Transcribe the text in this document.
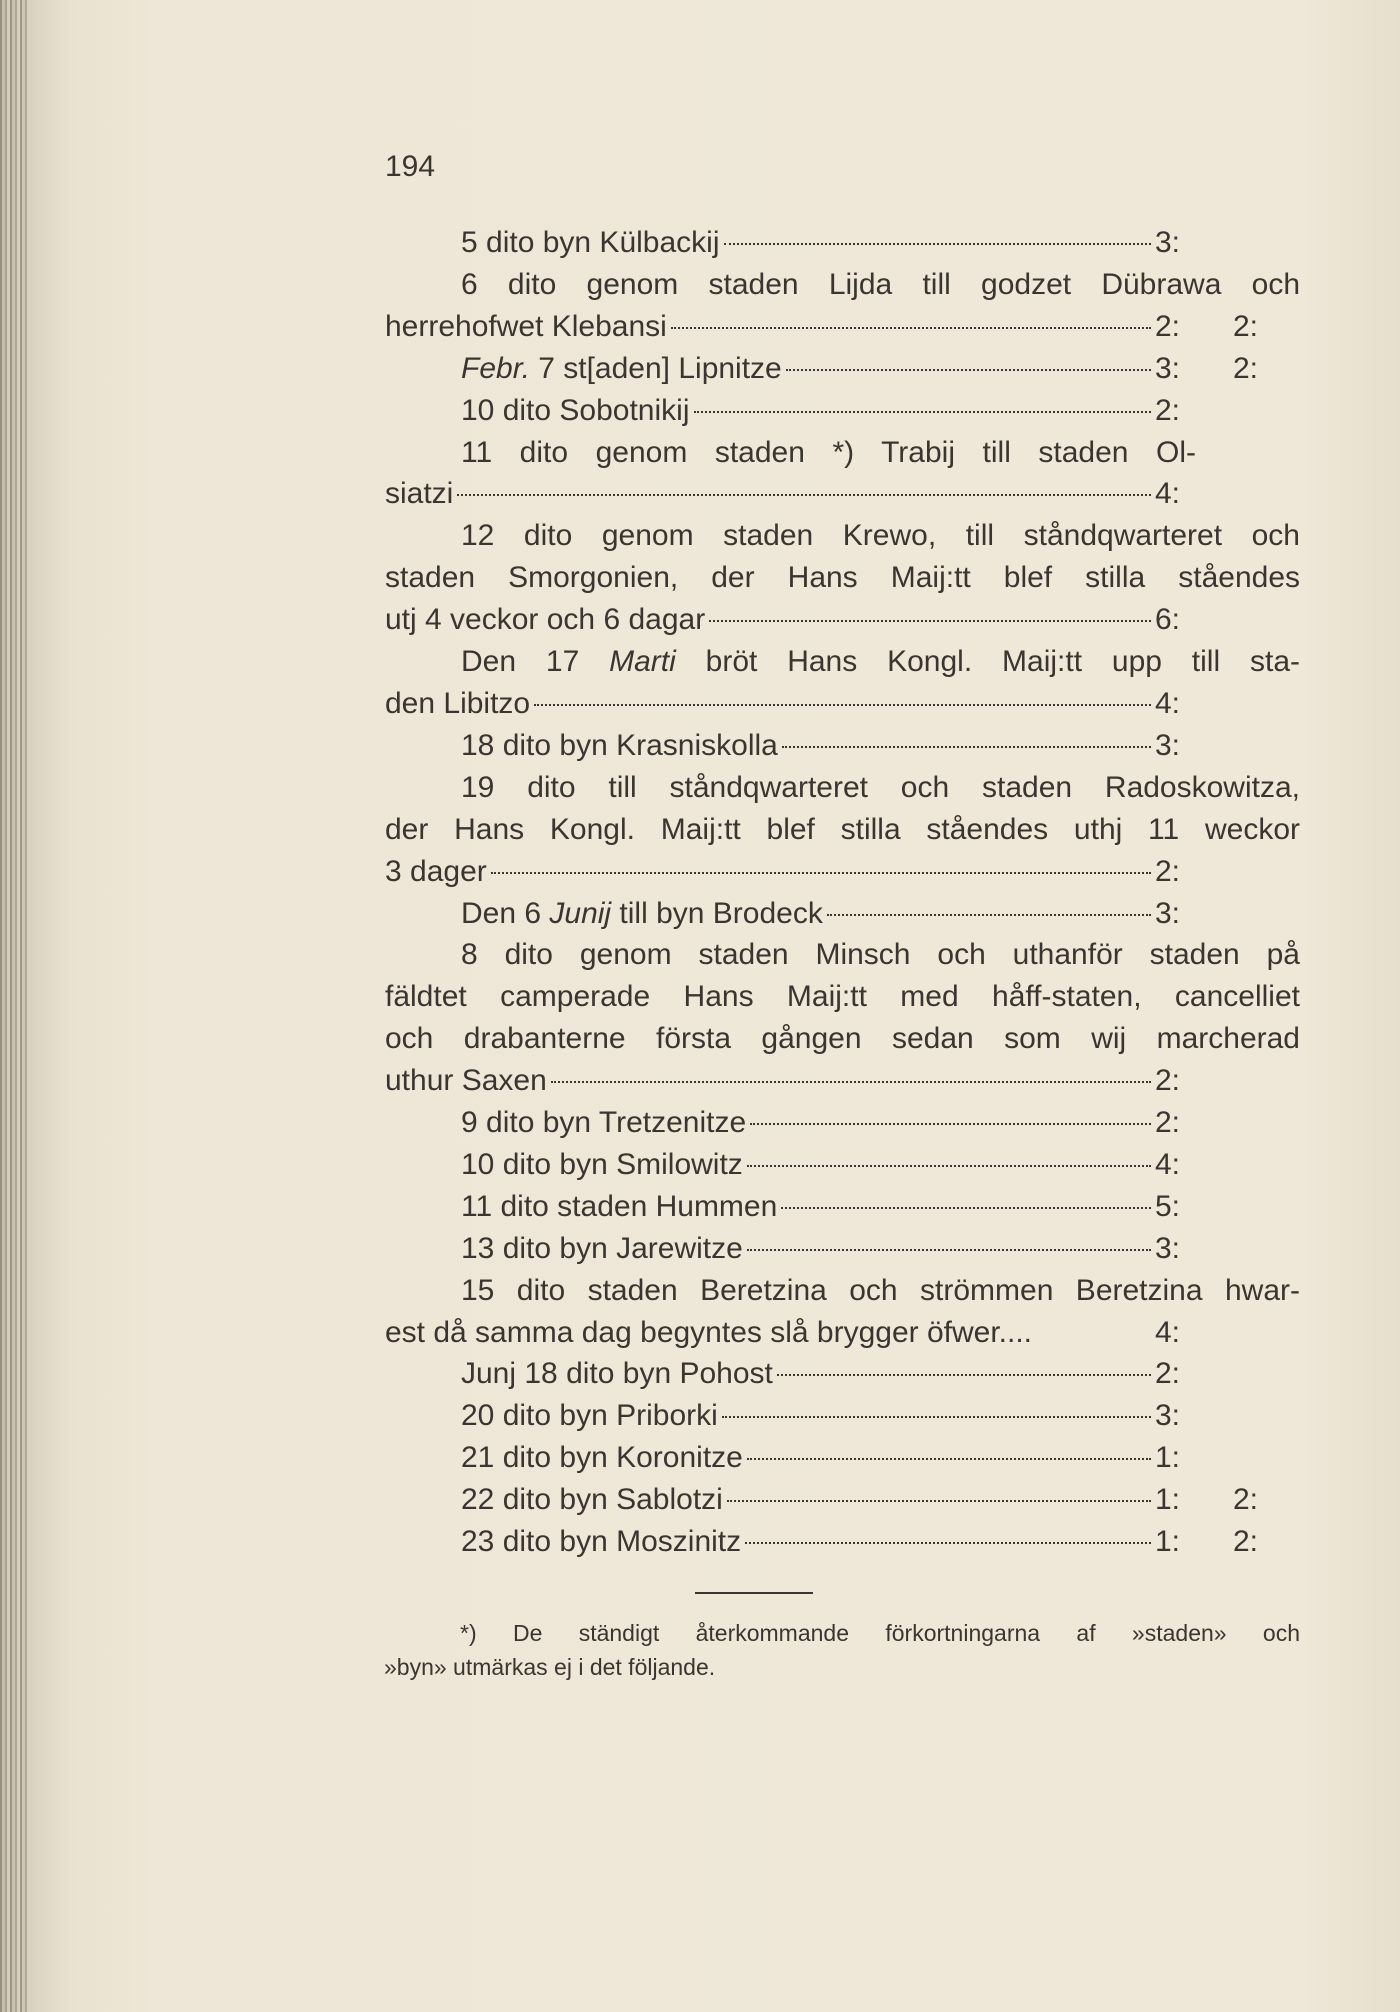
194
5 dito byn Külbackij	3:
6 dito genom staden Lijda till godzet Dübrawa och
herrehofwet Klebansi	2:	2:
Febr. 7 st[aden] Lipnitze	3:	2:
10 dito Sobotnikij	2:
11 dito genom staden *) Trabij till staden Ol-
siatzi	4:
12 dito genom staden Krewo, till ståndqwarteret och
staden Smorgonien, der Hans Maij:tt blef stilla ståendes
utj 4 veckor och 6 dagar	6:
Den 17 Marti bröt Hans Kongl. Maij:tt upp till sta-
den Libitzo	4:
18 dito byn Krasniskolla	3:
19 dito till ståndqwarteret och staden Radoskowitza,
der Hans Kongl. Maij:tt blef stilla ståendes uthj 11 weckor
3 dager	2:
Den 6 Junij till byn Brodeck	3:
8 dito genom staden Minsch och uthanför staden på
fäldtet camperade Hans Maij:tt med håff-staten, cancelliet
och drabanterne första gången sedan som wij marcherad
uthur Saxen	2:
9 dito byn Tretzenitze	2:
10 dito byn Smilowitz	4:
11 dito staden Hummen	5:
13 dito byn Jarewitze	3:
15 dito staden Beretzina och strömmen Beretzina hwar-
est då samma dag begyntes slå brygger öfwer....	4:
Junj 18 dito byn Pohost	2:
20 dito byn Priborki	3:
21 dito byn Koronitze	1:
22 dito byn Sablotzi	1:	2:
23 dito byn Moszinitz	1:	2:
*) De ständigt återkommande förkortningarna af »staden» och
»byn» utmärkas ej i det följande.
